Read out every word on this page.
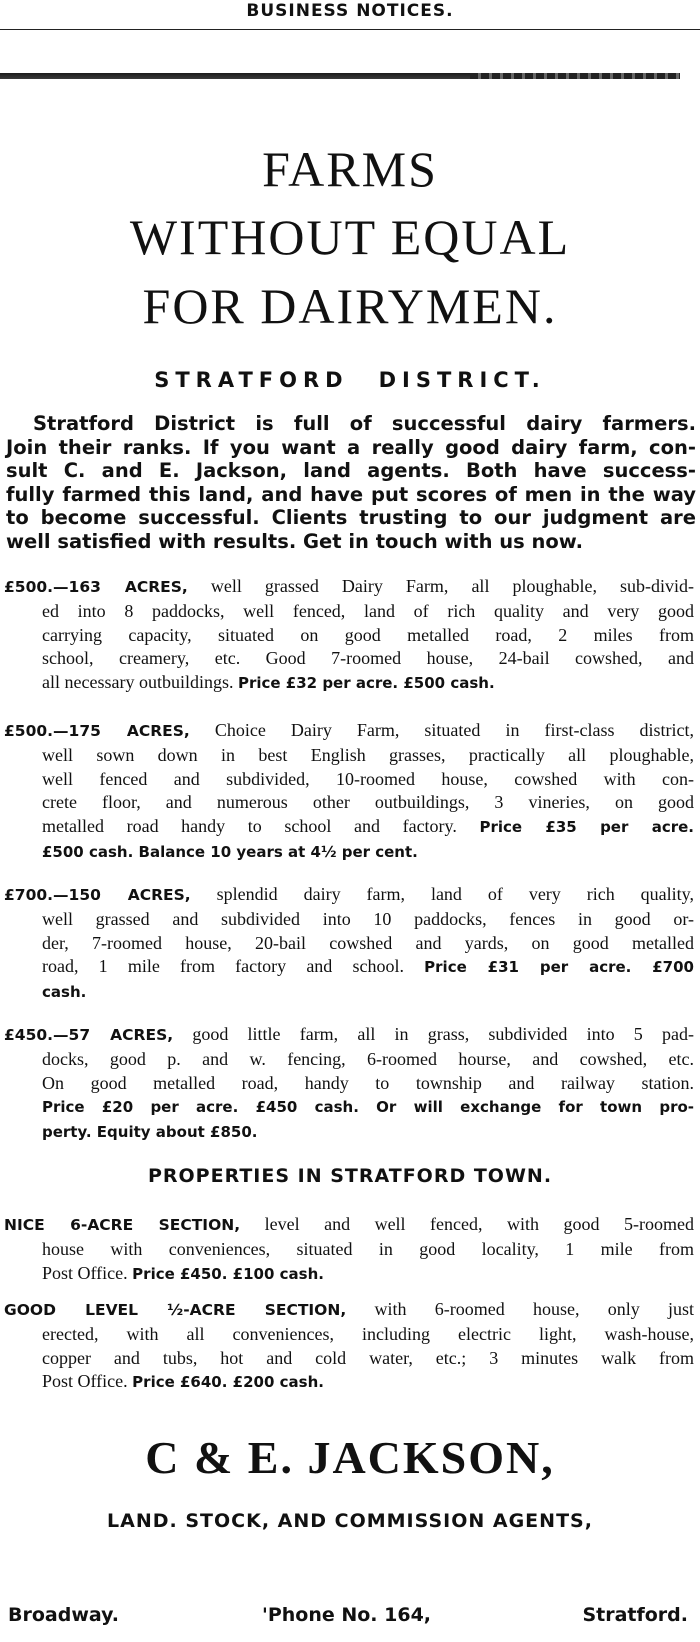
BUSINESS NOTICES.
FARMS
WITHOUT EQUAL
FOR DAIRYMEN.
STRATFORD DISTRICT.
Stratford District is full of successful dairy farmers.
Join their ranks. If you want a really good dairy farm, con-
sult C. and E. Jackson, land agents. Both have success-
fully farmed this land, and have put scores of men in the way
to become successful. Clients trusting to our judgment are
well satisfied with results. Get in touch with us now.
£500.—163 ACRES, well grassed Dairy Farm, all ploughable, sub-divid-
ed into 8 paddocks, well fenced, land of rich quality and very good
carrying capacity, situated on good metalled road, 2 miles from
school, creamery, etc. Good 7-roomed house, 24-bail cowshed, and
all necessary outbuildings. Price £32 per acre. £500 cash.
£500.—175 ACRES, Choice Dairy Farm, situated in first-class district,
well sown down in best English grasses, practically all ploughable,
well fenced and subdivided, 10-roomed house, cowshed with con-
crete floor, and numerous other outbuildings, 3 vineries, on good
metalled road handy to school and factory. Price £35 per acre.
£500 cash. Balance 10 years at 4½ per cent.
£700.—150 ACRES, splendid dairy farm, land of very rich quality,
well grassed and subdivided into 10 paddocks, fences in good or-
der, 7-roomed house, 20-bail cowshed and yards, on good metalled
road, 1 mile from factory and school. Price £31 per acre. £700
cash.
£450.—57 ACRES, good little farm, all in grass, subdivided into 5 pad-
docks, good p. and w. fencing, 6-roomed hourse, and cowshed, etc.
On good metalled road, handy to township and railway station.
Price £20 per acre. £450 cash. Or will exchange for town pro-
perty. Equity about £850.
PROPERTIES IN STRATFORD TOWN.
NICE 6-ACRE SECTION, level and well fenced, with good 5-roomed
house with conveniences, situated in good locality, 1 mile from
Post Office. Price £450. £100 cash.
GOOD LEVEL ½-ACRE SECTION, with 6-roomed house, only just
erected, with all conveniences, including electric light, wash-house,
copper and tubs, hot and cold water, etc.; 3 minutes walk from
Post Office. Price £640. £200 cash.
C & E. JACKSON,
LAND. STOCK, AND COMMISSION AGENTS,
Broadway.	'Phone No. 164,	Stratford.
